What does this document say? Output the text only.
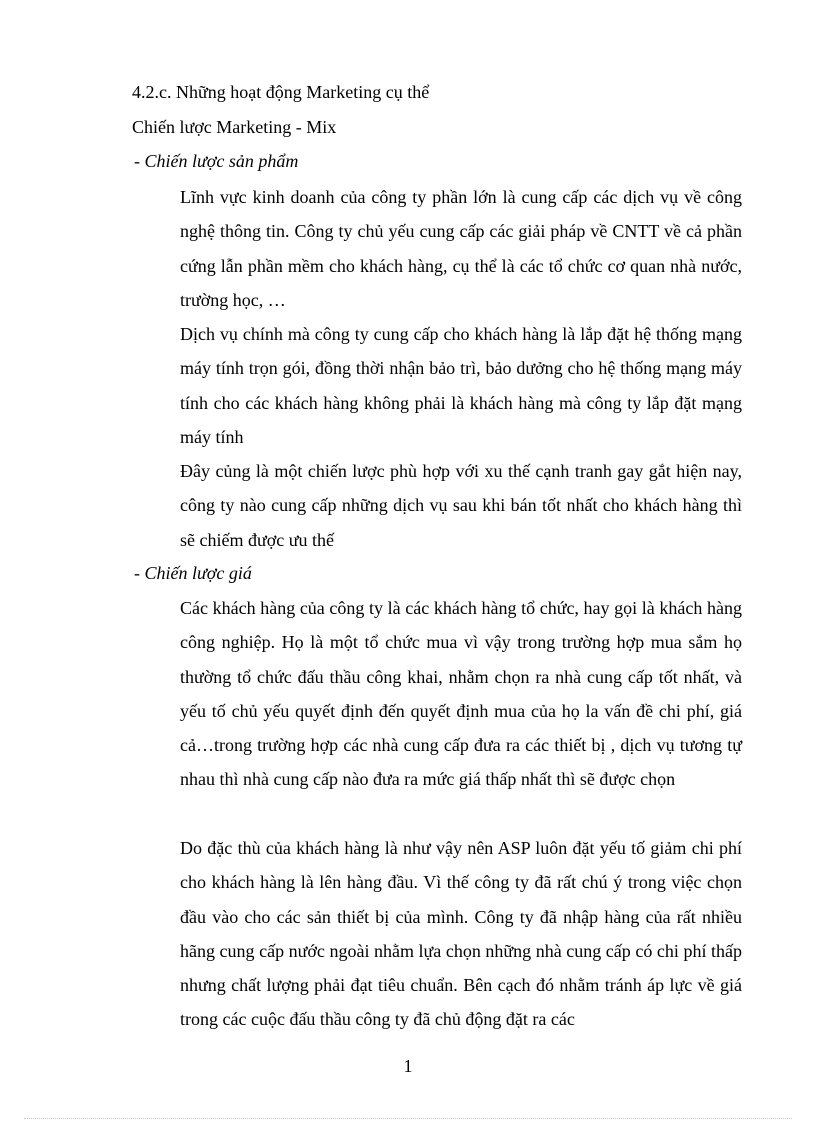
4.2.c. Những hoạt động Marketing cụ thể
Chiến lược Marketing - Mix
- Chiến lược sản phẩm

Lĩnh vực kinh doanh của công ty phần lớn là cung cấp các dịch vụ về công nghệ thông tin. Công ty chủ yếu cung cấp các giải pháp về CNTT về cả phần cứng lẫn phần mềm cho khách hàng, cụ thể là các tổ chức cơ quan nhà nước, trường học, …

Dịch vụ chính mà công ty cung cấp cho khách hàng là lắp đặt hệ thống mạng máy tính trọn gói, đồng thời nhận bảo trì, bảo dưởng cho hệ thống mạng máy tính cho các khách hàng không phải là khách hàng mà công ty lắp đặt mạng máy tính

Đây củng là một chiến lược phù hợp với xu thế cạnh tranh gay gắt hiện nay, công ty nào cung cấp những dịch vụ sau khi bán tốt nhất cho khách hàng thì sẽ chiếm được ưu thế

- Chiến lược giá

Các khách hàng của công ty là các khách hàng tổ chức, hay gọi là khách hàng công nghiệp. Họ là một tổ chức mua vì vậy trong trường hợp mua sắm họ thường tổ chức đấu thầu công khai, nhằm chọn ra nhà cung cấp tốt nhất, và yếu tố chủ yếu quyết định đến quyết định mua của họ la vấn đề chi phí, giá cả…trong trường hợp các nhà cung cấp đưa ra các thiết bị , dịch vụ tương tự nhau thì nhà cung cấp nào đưa ra mức giá thấp nhất thì sẽ được chọn

Do đặc thù của khách hàng là như vậy nên ASP luôn đặt yếu tố giảm chi phí cho khách hàng là lên hàng đầu. Vì thế công ty đã rất chú ý trong việc chọn đầu vào cho các sản thiết bị của mình. Công ty đã nhập hàng của rất nhiều hãng cung cấp nước ngoài nhằm lựa chọn những nhà cung cấp có chi phí thấp nhưng chất lượng phải đạt tiêu chuẩn. Bên cạch đó nhằm tránh áp lực về giá trong các cuộc đấu thầu công ty đã chủ động đặt ra các

1
